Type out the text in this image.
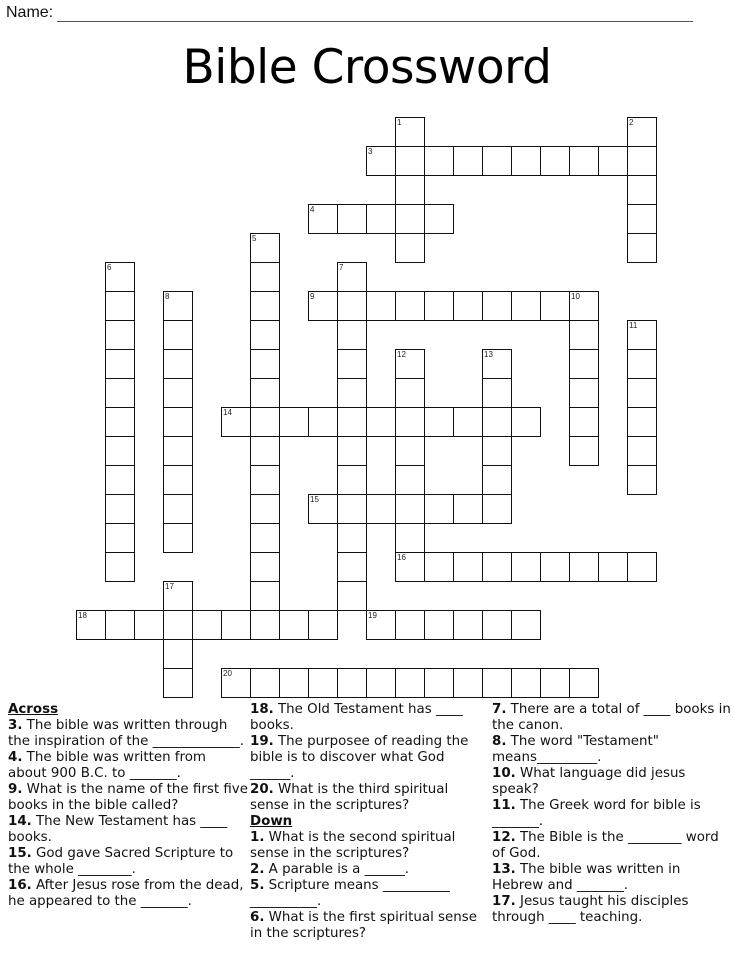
Name:
Bible Crossword
1	2
3
4
5
6	7
8	9	10
11
12
16
13
14
15
17
18	19
20
Across
3. The bible was written through the inspiration of the _____________.
4. The bible was written from about 900 B.C. to _______.
9. What is the name of the first five books in the bible called?
14. The New Testament has ____ books.
15. God gave Sacred Scripture to the whole ________.
16. After Jesus rose from the dead, he appeared to the _______.
18. The Old Testament has ____ books.
19. The purposee of reading the bible is to discover what God ______.
20. What is the third spiritual sense in the scriptures?
Down
1. What is the second spiritual sense in the scriptures?
2. A parable is a ______.
5. Scripture means __________ __________.
6. What is the first spiritual sense in the scriptures?
7. There are a total of ____ books in the canon.
8. The word "Testament" means_________.
10. What language did jesus speak?
11. The Greek word for bible is _______.
12. The Bible is the ________ word of God.
13. The bible was written in Hebrew and _______.
17. Jesus taught his disciples through ____ teaching.
